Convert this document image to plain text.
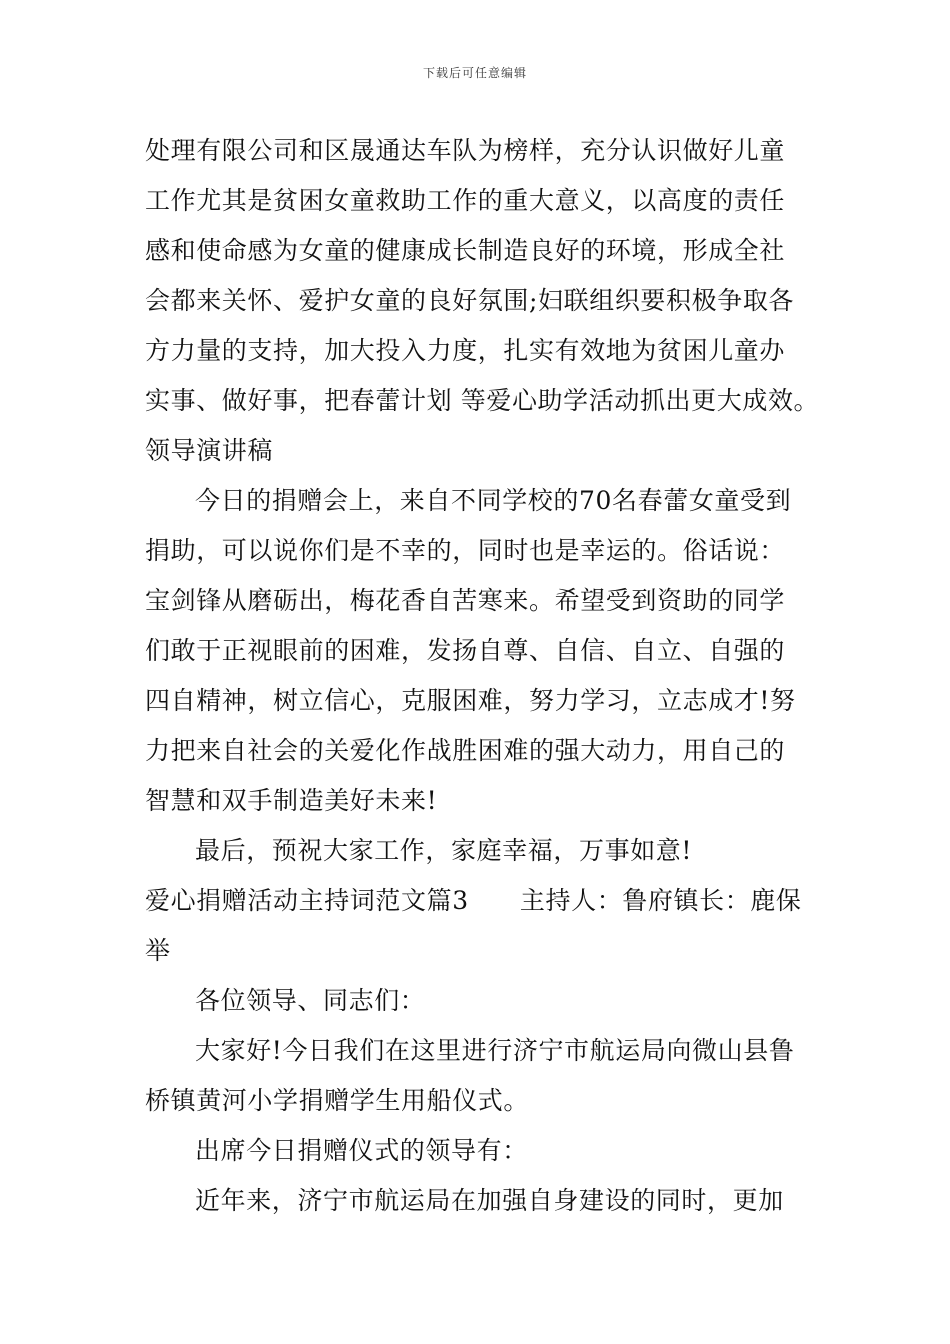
下载后可任意编辑
处理有限公司和区晟通达车队为榜样，充分认识做好儿童
工作尤其是贫困女童救助工作的重大意义，以高度的责任
感和使命感为女童的健康成长制造良好的环境，形成全社
会都来关怀、爱护女童的良好氛围;妇联组织要积极争取各
方力量的支持，加大投入力度，扎实有效地为贫困儿童办
实事、做好事，把春蕾计划 等爱心助学活动抓出更大成效。
领导演讲稿
今日的捐赠会上，来自不同学校的70名春蕾女童受到
捐助，可以说你们是不幸的，同时也是幸运的。俗话说：
宝剑锋从磨砺出，梅花香自苦寒来。希望受到资助的同学
们敢于正视眼前的困难，发扬自尊、自信、自立、自强的
四自精神，树立信心，克服困难，努力学习，立志成才!努
力把来自社会的关爱化作战胜困难的强大动力，用自己的
智慧和双手制造美好未来!
最后，预祝大家工作，家庭幸福，万事如意!
爱心捐赠活动主持词范文篇3　　主持人：鲁府镇长：鹿保
举
各位领导、同志们：
大家好!今日我们在这里进行济宁市航运局向微山县鲁
桥镇黄河小学捐赠学生用船仪式。
出席今日捐赠仪式的领导有：
近年来，济宁市航运局在加强自身建设的同时，更加
